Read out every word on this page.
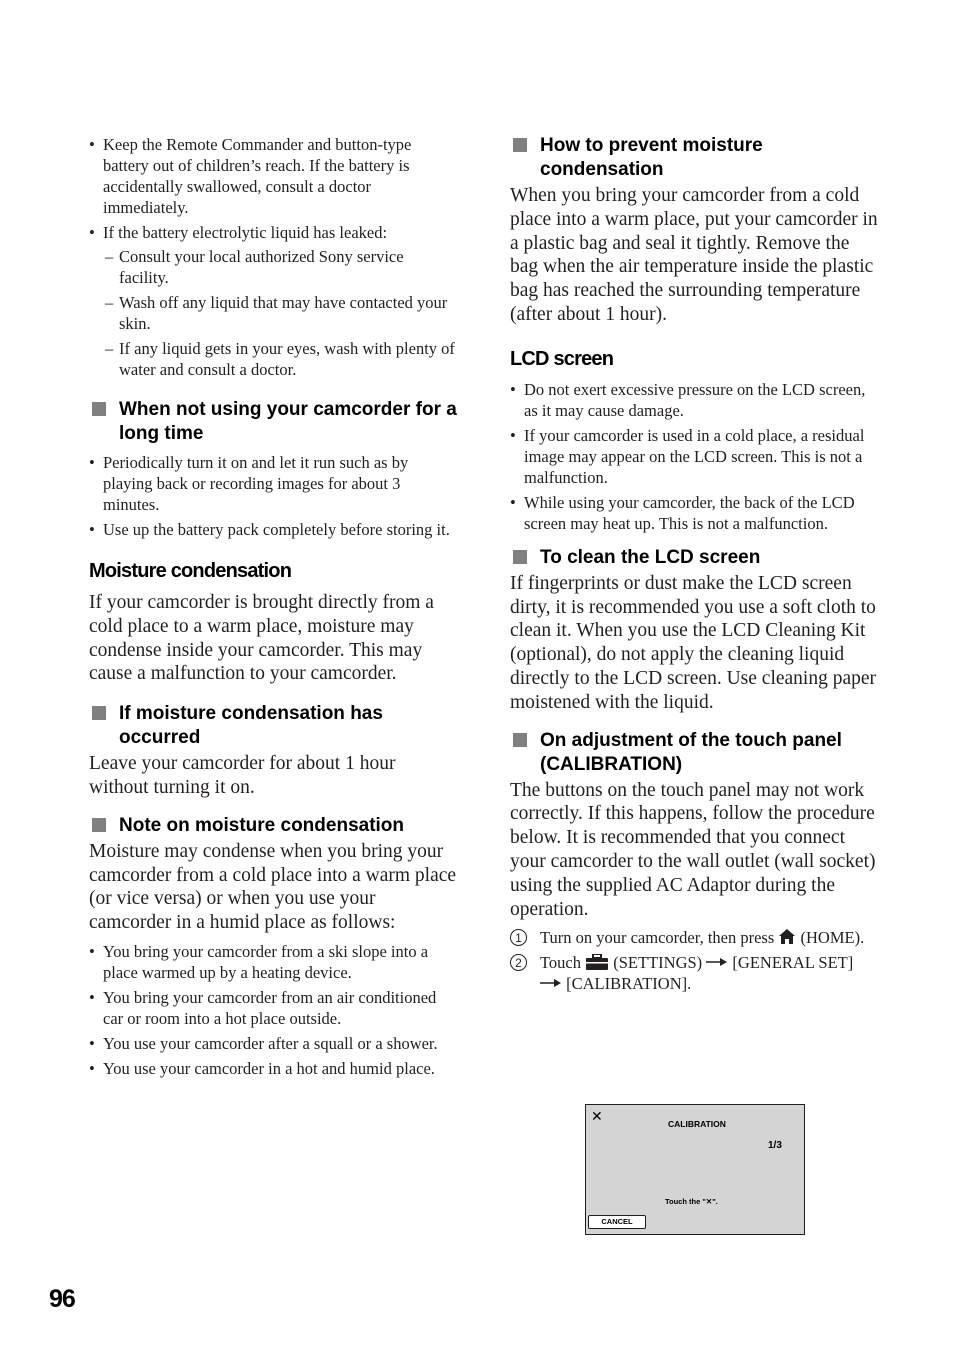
• Keep the Remote Commander and button-type battery out of children’s reach. If the battery is accidentally swallowed, consult a doctor immediately.
• If the battery electrolytic liquid has leaked:
– Consult your local authorized Sony service facility.
– Wash off any liquid that may have contacted your skin.
– If any liquid gets in your eyes, wash with plenty of water and consult a doctor.
When not using your camcorder for a long time
• Periodically turn it on and let it run such as by playing back or recording images for about 3 minutes.
• Use up the battery pack completely before storing it.
Moisture condensation

If your camcorder is brought directly from a cold place to a warm place, moisture may condense inside your camcorder. This may cause a malfunction to your camcorder.

If moisture condensation has occurred

Leave your camcorder for about 1 hour without turning it on.

Note on moisture condensation

Moisture may condense when you bring your camcorder from a cold place into a warm place (or vice versa) or when you use your camcorder in a humid place as follows:

• You bring your camcorder from a ski slope into a place warmed up by a heating device.
• You bring your camcorder from an air conditioned car or room into a hot place outside.
• You use your camcorder after a squall or a shower.
• You use your camcorder in a hot and humid place.
How to prevent moisture condensation

When you bring your camcorder from a cold place into a warm place, put your camcorder in a plastic bag and seal it tightly. Remove the bag when the air temperature inside the plastic bag has reached the surrounding temperature (after about 1 hour).

LCD screen
• Do not exert excessive pressure on the LCD screen, as it may cause damage.
• If your camcorder is used in a cold place, a residual image may appear on the LCD screen. This is not a malfunction.
• While using your camcorder, the back of the LCD screen may heat up. This is not a malfunction.
To clean the LCD screen

If fingerprints or dust make the LCD screen dirty, it is recommended you use a soft cloth to clean it. When you use the LCD Cleaning Kit (optional), do not apply the cleaning liquid directly to the LCD screen. Use cleaning paper moistened with the liquid.

On adjustment of the touch panel (CALIBRATION)

The buttons on the touch panel may not work correctly. If this happens, follow the procedure below. It is recommended that you connect your camcorder to the wall outlet (wall socket) using the supplied AC Adaptor during the operation.

1	Turn on your camcorder, then press (HOME).
2	Touch (SETTINGS) [GENERAL SET]
[CALIBRATION].
✕	CALIBRATION
1/3
Touch the "✕".
CANCEL
96
